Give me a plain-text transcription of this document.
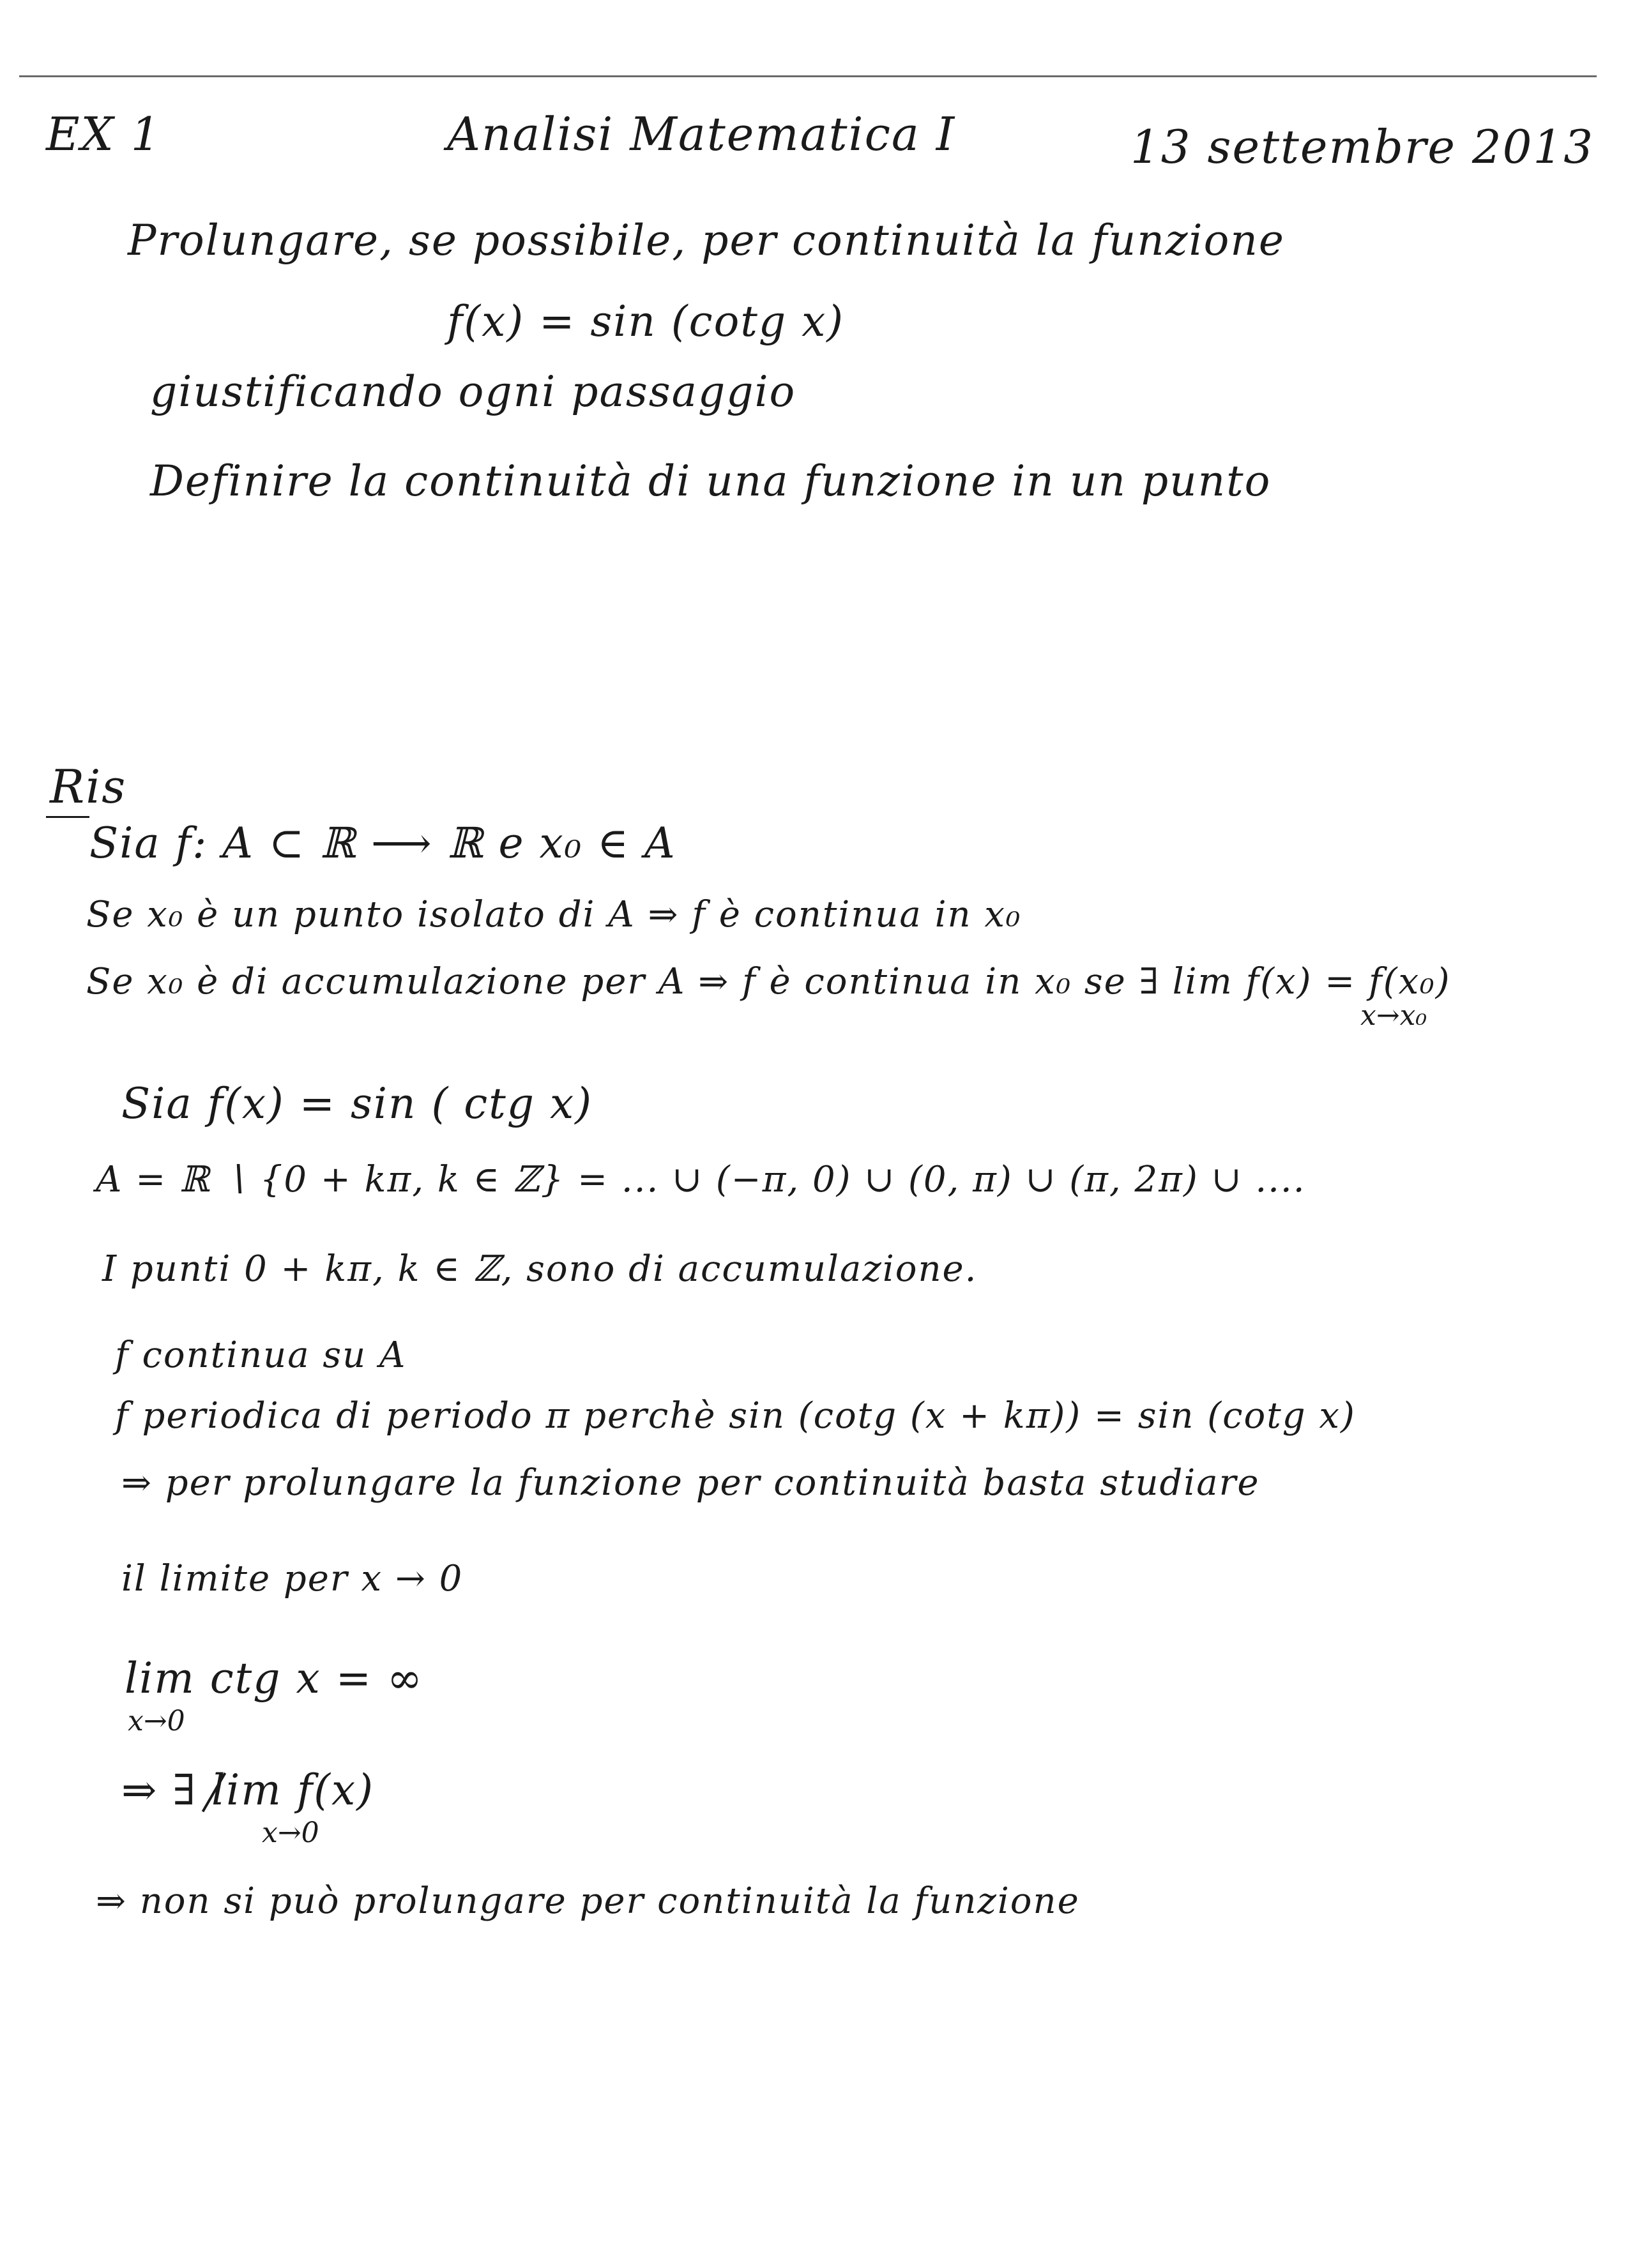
EX 1	Analisi Matematica I	13 settembre 2013
Prolungare, se possibile, per continuità la funzione
f(x) = sin (cotg x)
giustificando ogni passaggio
Definire la continuità di una funzione in un punto
Ris
Sia f: A ⊂ ℝ ⟶ ℝ e x₀ ∈ A
Se x₀ è un punto isolato di A ⇒ f è continua in x₀
Se x₀ è di accumulazione per A ⇒ f è continua in x₀ se ∃ lim f(x) = f(x₀)
x→x₀
Sia f(x) = sin ( ctg x)
A = ℝ ∖ {0 + kπ, k ∈ ℤ} = ... ∪ (−π, 0) ∪ (0, π) ∪ (π, 2π) ∪ ....
I punti 0 + kπ, k ∈ ℤ, sono di accumulazione.
f continua su A
f periodica di periodo π perchè sin (cotg (x + kπ)) = sin (cotg x)
⇒ per prolungare la funzione per continuità basta studiare
il limite per x → 0
lim ctg x = ∞
x→0
⇒ ∃ lim f(x)
x→0
⇒ non si può prolungare per continuità la funzione
